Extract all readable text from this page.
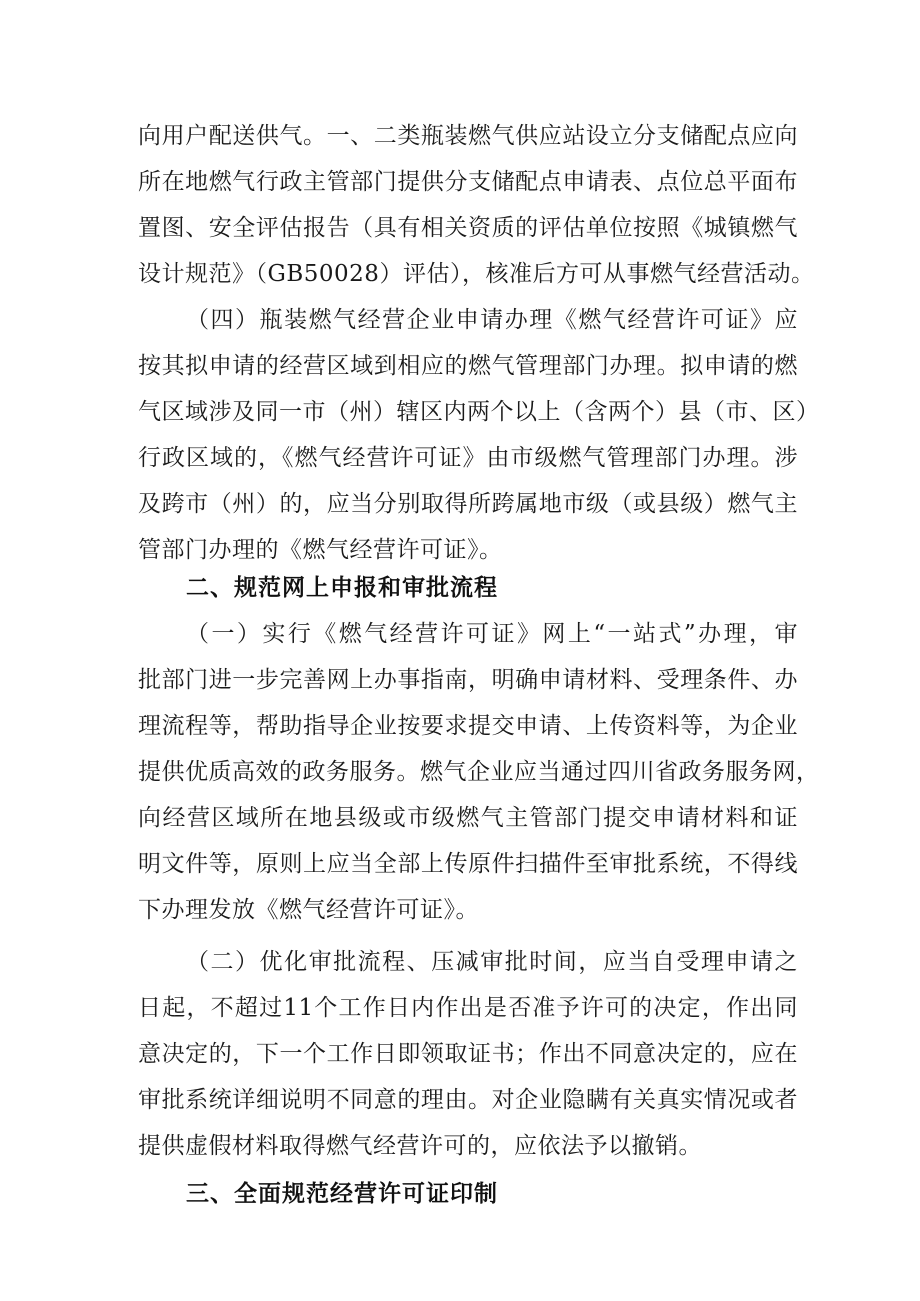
向用户配送供气。一、二类瓶装燃气供应站设立分支储配点应向
所在地燃气行政主管部门提供分支储配点申请表、点位总平面布
置图、安全评估报告（具有相关资质的评估单位按照《城镇燃气
设计规范》（GB50028）评估），核准后方可从事燃气经营活动。
（四）瓶装燃气经营企业申请办理《燃气经营许可证》应
按其拟申请的经营区域到相应的燃气管理部门办理。拟申请的燃
气区域涉及同一市（州）辖区内两个以上（含两个）县（市、区）
行政区域的，《燃气经营许可证》由市级燃气管理部门办理。涉
及跨市（州）的，应当分别取得所跨属地市级（或县级）燃气主
管部门办理的《燃气经营许可证》。
二、规范网上申报和审批流程
（一）实行《燃气经营许可证》网上“一站式”办理，审
批部门进一步完善网上办事指南，明确申请材料、受理条件、办
理流程等，帮助指导企业按要求提交申请、上传资料等，为企业
提供优质高效的政务服务。燃气企业应当通过四川省政务服务网，
向经营区域所在地县级或市级燃气主管部门提交申请材料和证
明文件等，原则上应当全部上传原件扫描件至审批系统，不得线
下办理发放《燃气经营许可证》。
（二）优化审批流程、压减审批时间，应当自受理申请之
日起，不超过11个工作日内作出是否准予许可的决定，作出同
意决定的，下一个工作日即领取证书；作出不同意决定的，应在
审批系统详细说明不同意的理由。对企业隐瞒有关真实情况或者
提供虚假材料取得燃气经营许可的，应依法予以撤销。
三、全面规范经营许可证印制
